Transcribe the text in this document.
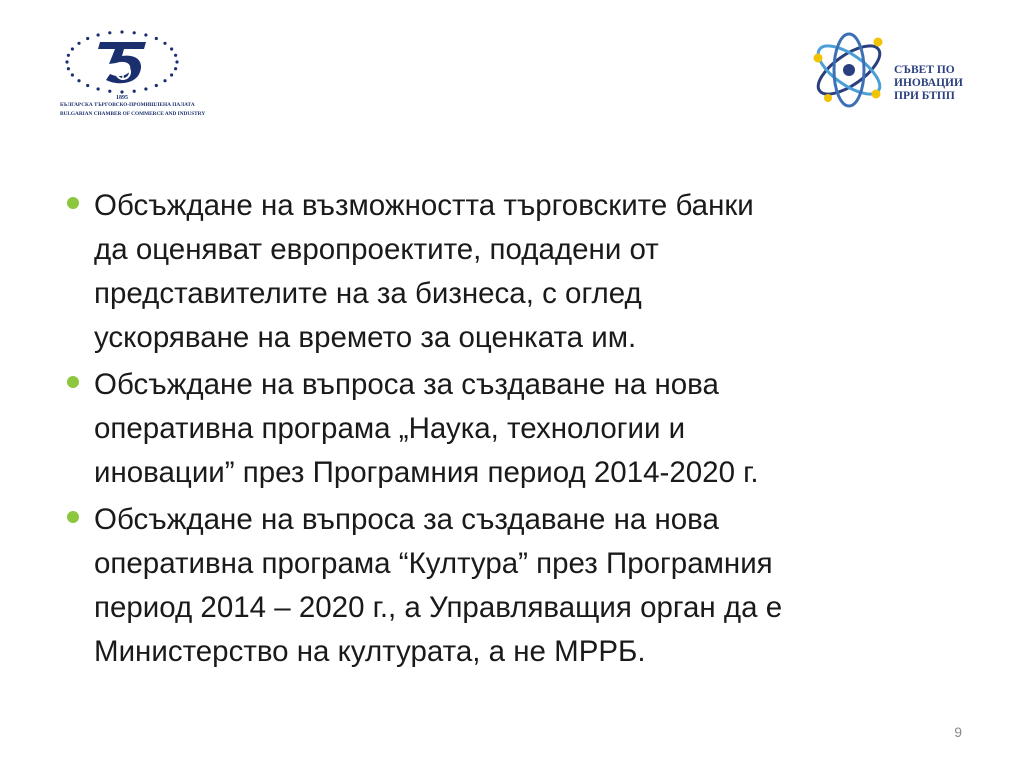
1895
БЪЛГАРСКА ТЪРГОВСКО-ПРОМИШЛЕНА ПАЛАТА
BULGARIAN CHAMBER OF COMMERCE AND INDUSTRY
СЪВЕТ ПО
ИНОВАЦИИ
ПРИ БТПП
Обсъждане на възможността търговските банки
да оценяват европроектите, подадени от
представителите на за бизнеса, с оглед
ускоряване на времето за оценката им.
Обсъждане на въпроса за създаване на нова
оперативна програма „Наука, технологии и
иновации” през Програмния период 2014-2020 г.
Обсъждане на въпроса за създаване на нова
оперативна програма “Култура” през Програмния
период 2014 – 2020 г., а Управляващия орган да е
Министерство на културата, а не МРРБ.
9
